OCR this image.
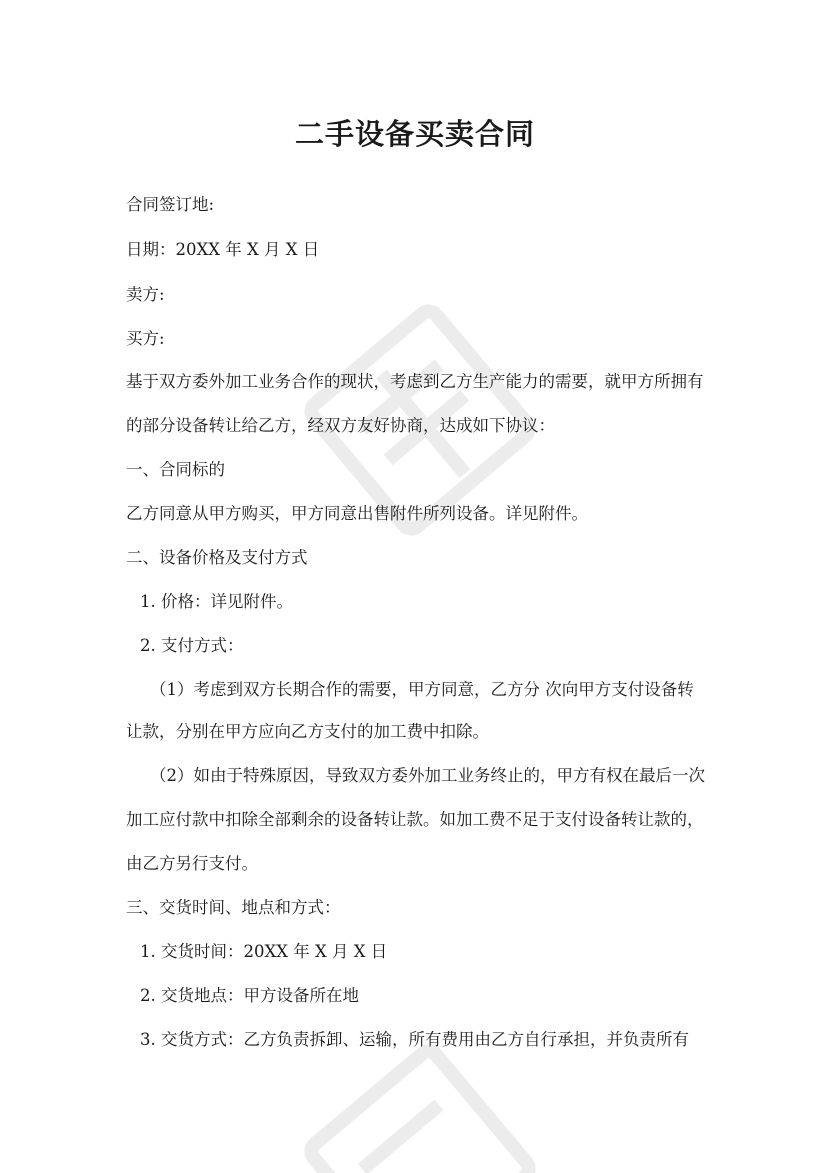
二手设备买卖合同
合同签订地:
日期：20XX 年 X 月 X 日
卖方:
买方:
基于双方委外加工业务合作的现状，考虑到乙方生产能力的需要，就甲方所拥有
的部分设备转让给乙方，经双方友好协商，达成如下协议：
一、合同标的
乙方同意从甲方购买，甲方同意出售附件所列设备。详见附件。
二、设备价格及支付方式
1. 价格：详见附件。
2. 支付方式：
（1）考虑到双方长期合作的需要，甲方同意，乙方分 次向甲方支付设备转
让款，分别在甲方应向乙方支付的加工费中扣除。
（2）如由于特殊原因，导致双方委外加工业务终止的，甲方有权在最后一次
加工应付款中扣除全部剩余的设备转让款。如加工费不足于支付设备转让款的，
由乙方另行支付。
三、交货时间、地点和方式：
1. 交货时间：20XX 年 X 月 X 日
2. 交货地点：甲方设备所在地
3. 交货方式：乙方负责拆卸、运输，所有费用由乙方自行承担，并负责所有
